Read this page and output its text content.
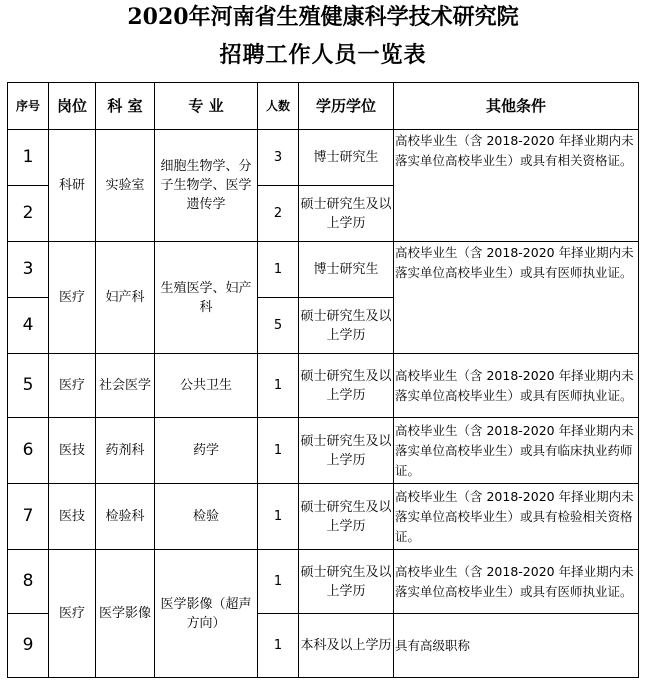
2020年河南省生殖健康科学技术研究院
招聘工作人员一览表
序号	岗位	科 室	专 业	人数	学历学位	其他条件
1	科研	实验室	细胞生物学、分子生物学、医学遗传学	3	博士研究生	高校毕业生（含 2018-2020 年择业期内未落实单位高校毕业生）或具有相关资格证。
2				2	硕士研究生及以上学历	
3	医疗	妇产科	生殖医学、妇产科	1	博士研究生	高校毕业生（含 2018-2020 年择业期内未落实单位高校毕业生）或具有医师执业证。
4				5	硕士研究生及以上学历	
5	医疗	社会医学	公共卫生	1	硕士研究生及以上学历	高校毕业生（含 2018-2020 年择业期内未落实单位高校毕业生）或具有医师执业证。
6	医技	药剂科	药学	1	硕士研究生及以上学历	高校毕业生（含 2018-2020 年择业期内未落实单位高校毕业生）或具有临床执业药师证。
7	医技	检验科	检验	1	硕士研究生及以上学历	高校毕业生（含 2018-2020 年择业期内未落实单位高校毕业生）或具有检验相关资格证。
8	医疗	医学影像	医学影像（超声方向）	1	硕士研究生及以上学历	高校毕业生（含 2018-2020 年择业期内未落实单位高校毕业生）或具有医师执业证。
9				1	本科及以上学历	具有高级职称
